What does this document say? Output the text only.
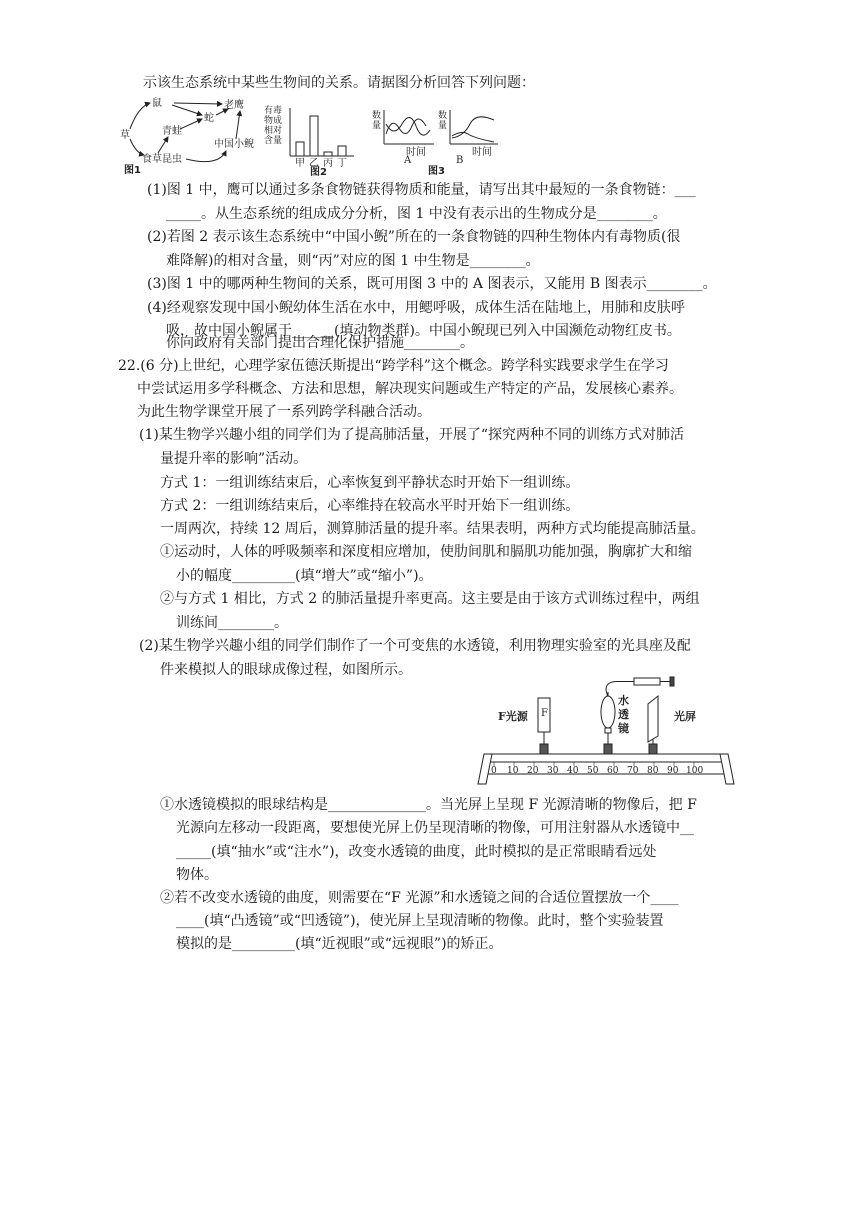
示该生态系统中某些生物间的关系。请据图分析回答下列问题：
草
鼠	老鹰
蛇
青蛙
食草昆虫
中国小鲵
图1
有毒
物成
相对
含量
甲 乙 丙 丁
图2
数
量
时间
A
数
量
时间
B
图3
(1)图 1 中，鹰可以通过多条食物链获得物质和能量，请写出其中最短的一条食物链：___
_____。从生态系统的组成成分分析，图 1 中没有表示出的生物成分是________。
(2)若图 2 表示该生态系统中“中国小鲵”所在的一条食物链的四种生物体内有毒物质(很
难降解)的相对含量，则“丙”对应的图 1 中生物是________。
(3)图 1 中的哪两种生物间的关系，既可用图 3 中的 A 图表示，又能用 B 图表示________。
(4)经观察发现中国小鲵幼体生活在水中，用鳃呼吸，成体生活在陆地上，用肺和皮肤呼
吸，故中国小鲵属于______(填动物类群)。中国小鲵现已列入中国濒危动物红皮书。
你向政府有关部门提出合理化保护措施________。
22.(6 分)上世纪，心理学家伍德沃斯提出“跨学科”这个概念。跨学科实践要求学生在学习
中尝试运用多学科概念、方法和思想，解决现实问题或生产特定的产品，发展核心素养。
为此生物学课堂开展了一系列跨学科融合活动。
(1)某生物学兴趣小组的同学们为了提高肺活量，开展了“探究两种不同的训练方式对肺活
量提升率的影响”活动。
方式 1：一组训练结束后，心率恢复到平静状态时开始下一组训练。
方式 2：一组训练结束后，心率维持在较高水平时开始下一组训练。
一周两次，持续 12 周后，测算肺活量的提升率。结果表明，两种方式均能提高肺活量。
①运动时，人体的呼吸频率和深度相应增加，使肋间肌和膈肌功能加强，胸廓扩大和缩
小的幅度_________(填“增大”或“缩小”)。
②与方式 1 相比，方式 2 的肺活量提升率更高。这主要是由于该方式训练过程中，两组
训练间________。
(2)某生物学兴趣小组的同学们制作了一个可变焦的水透镜，利用物理实验室的光具座及配
件来模拟人的眼球成像过程，如图所示。
F
F光源
水
透
镜
光屏
0 10 20 30 40 50 60 70 80 90 100
①水透镜模拟的眼球结构是______________。当光屏上呈现 F 光源清晰的物像后，把 F
光源向左移动一段距离，要想使光屏上仍呈现清晰的物像，可用注射器从水透镜中__
_____(填“抽水”或“注水”)，改变水透镜的曲度，此时模拟的是正常眼睛看远处
物体。
②若不改变水透镜的曲度，则需要在“F 光源”和水透镜之间的合适位置摆放一个____
____(填“凸透镜”或“凹透镜”)，使光屏上呈现清晰的物像。此时，整个实验装置
模拟的是_________(填“近视眼”或“远视眼”)的矫正。
